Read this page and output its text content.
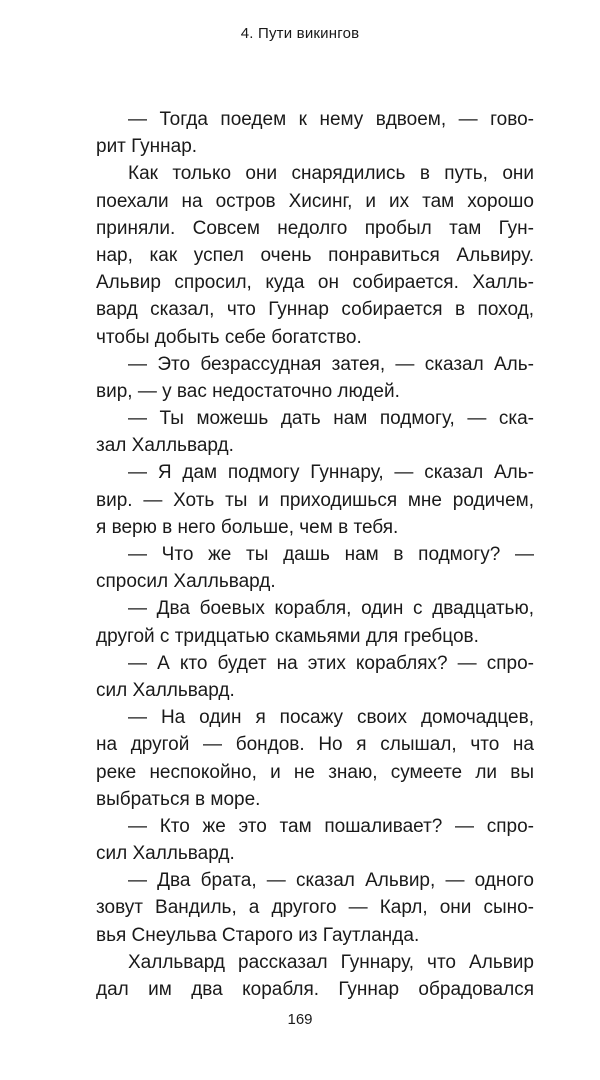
4. Пути викингов
— Тогда поедем к нему вдвоем, — гово-
рит Гуннар.
Как только они снарядились в путь, они
поехали на остров Хисинг, и их там хорошо
приняли. Совсем недолго пробыл там Гун-
нар, как успел очень понравиться Альвиру.
Альвир спросил, куда он собирается. Халль-
вард сказал, что Гуннар собирается в поход,
чтобы добыть себе богатство.
— Это безрассудная затея, — сказал Аль-
вир, — у вас недостаточно людей.
— Ты можешь дать нам подмогу, — ска-
зал Халльвард.
— Я дам подмогу Гуннару, — сказал Аль-
вир. — Хоть ты и приходишься мне родичем,
я верю в него больше, чем в тебя.
— Что же ты дашь нам в подмогу? —
спросил Халльвард.
— Два боевых корабля, один с двадцатью,
другой с тридцатью скамьями для гребцов.
— А кто будет на этих кораблях? — спро-
сил Халльвард.
— На один я посажу своих домочадцев,
на другой — бондов. Но я слышал, что на
реке неспокойно, и не знаю, сумеете ли вы
выбраться в море.
— Кто же это там пошаливает? — спро-
сил Халльвард.
— Два брата, — сказал Альвир, — одного
зовут Вандиль, а другого — Карл, они сыно-
вья Снеульва Старого из Гаутланда.
Халльвард рассказал Гуннару, что Альвир
дал им два корабля. Гуннар обрадовался
169
